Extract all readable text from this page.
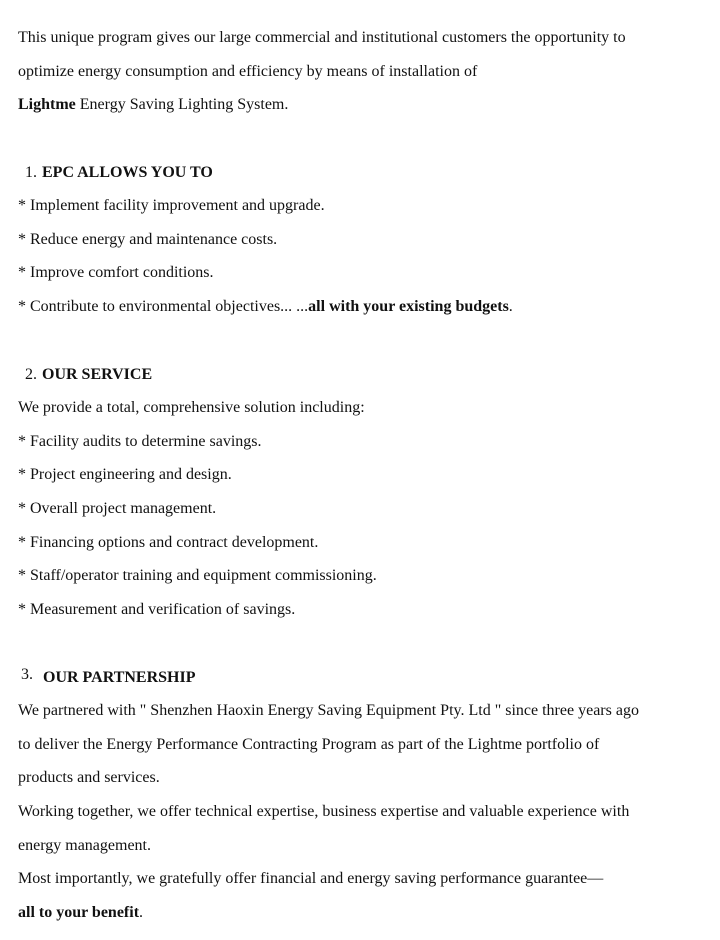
This unique program gives our large commercial and institutional customers the opportunity to
optimize energy consumption and efficiency by means of installation of
Lightme Energy Saving Lighting System.
1. EPC ALLOWS YOU TO
* Implement facility improvement and upgrade.
* Reduce energy and maintenance costs.
* Improve comfort conditions.
* Contribute to environmental objectives... ...all with your existing budgets.
2. OUR SERVICE
We provide a total, comprehensive solution including:
* Facility audits to determine savings.
* Project engineering and design.
* Overall project management.
* Financing options and contract development.
* Staff/operator training and equipment commissioning.
* Measurement and verification of savings.
3. OUR PARTNERSHIP
We partnered with " Shenzhen Haoxin Energy Saving Equipment Pty. Ltd " since three years ago
to deliver the Energy Performance Contracting Program as part of the Lightme portfolio of
products and services.
Working together, we offer technical expertise, business expertise and valuable experience with
energy management.
Most importantly, we gratefully offer financial and energy saving performance guarantee—
all to your benefit.
